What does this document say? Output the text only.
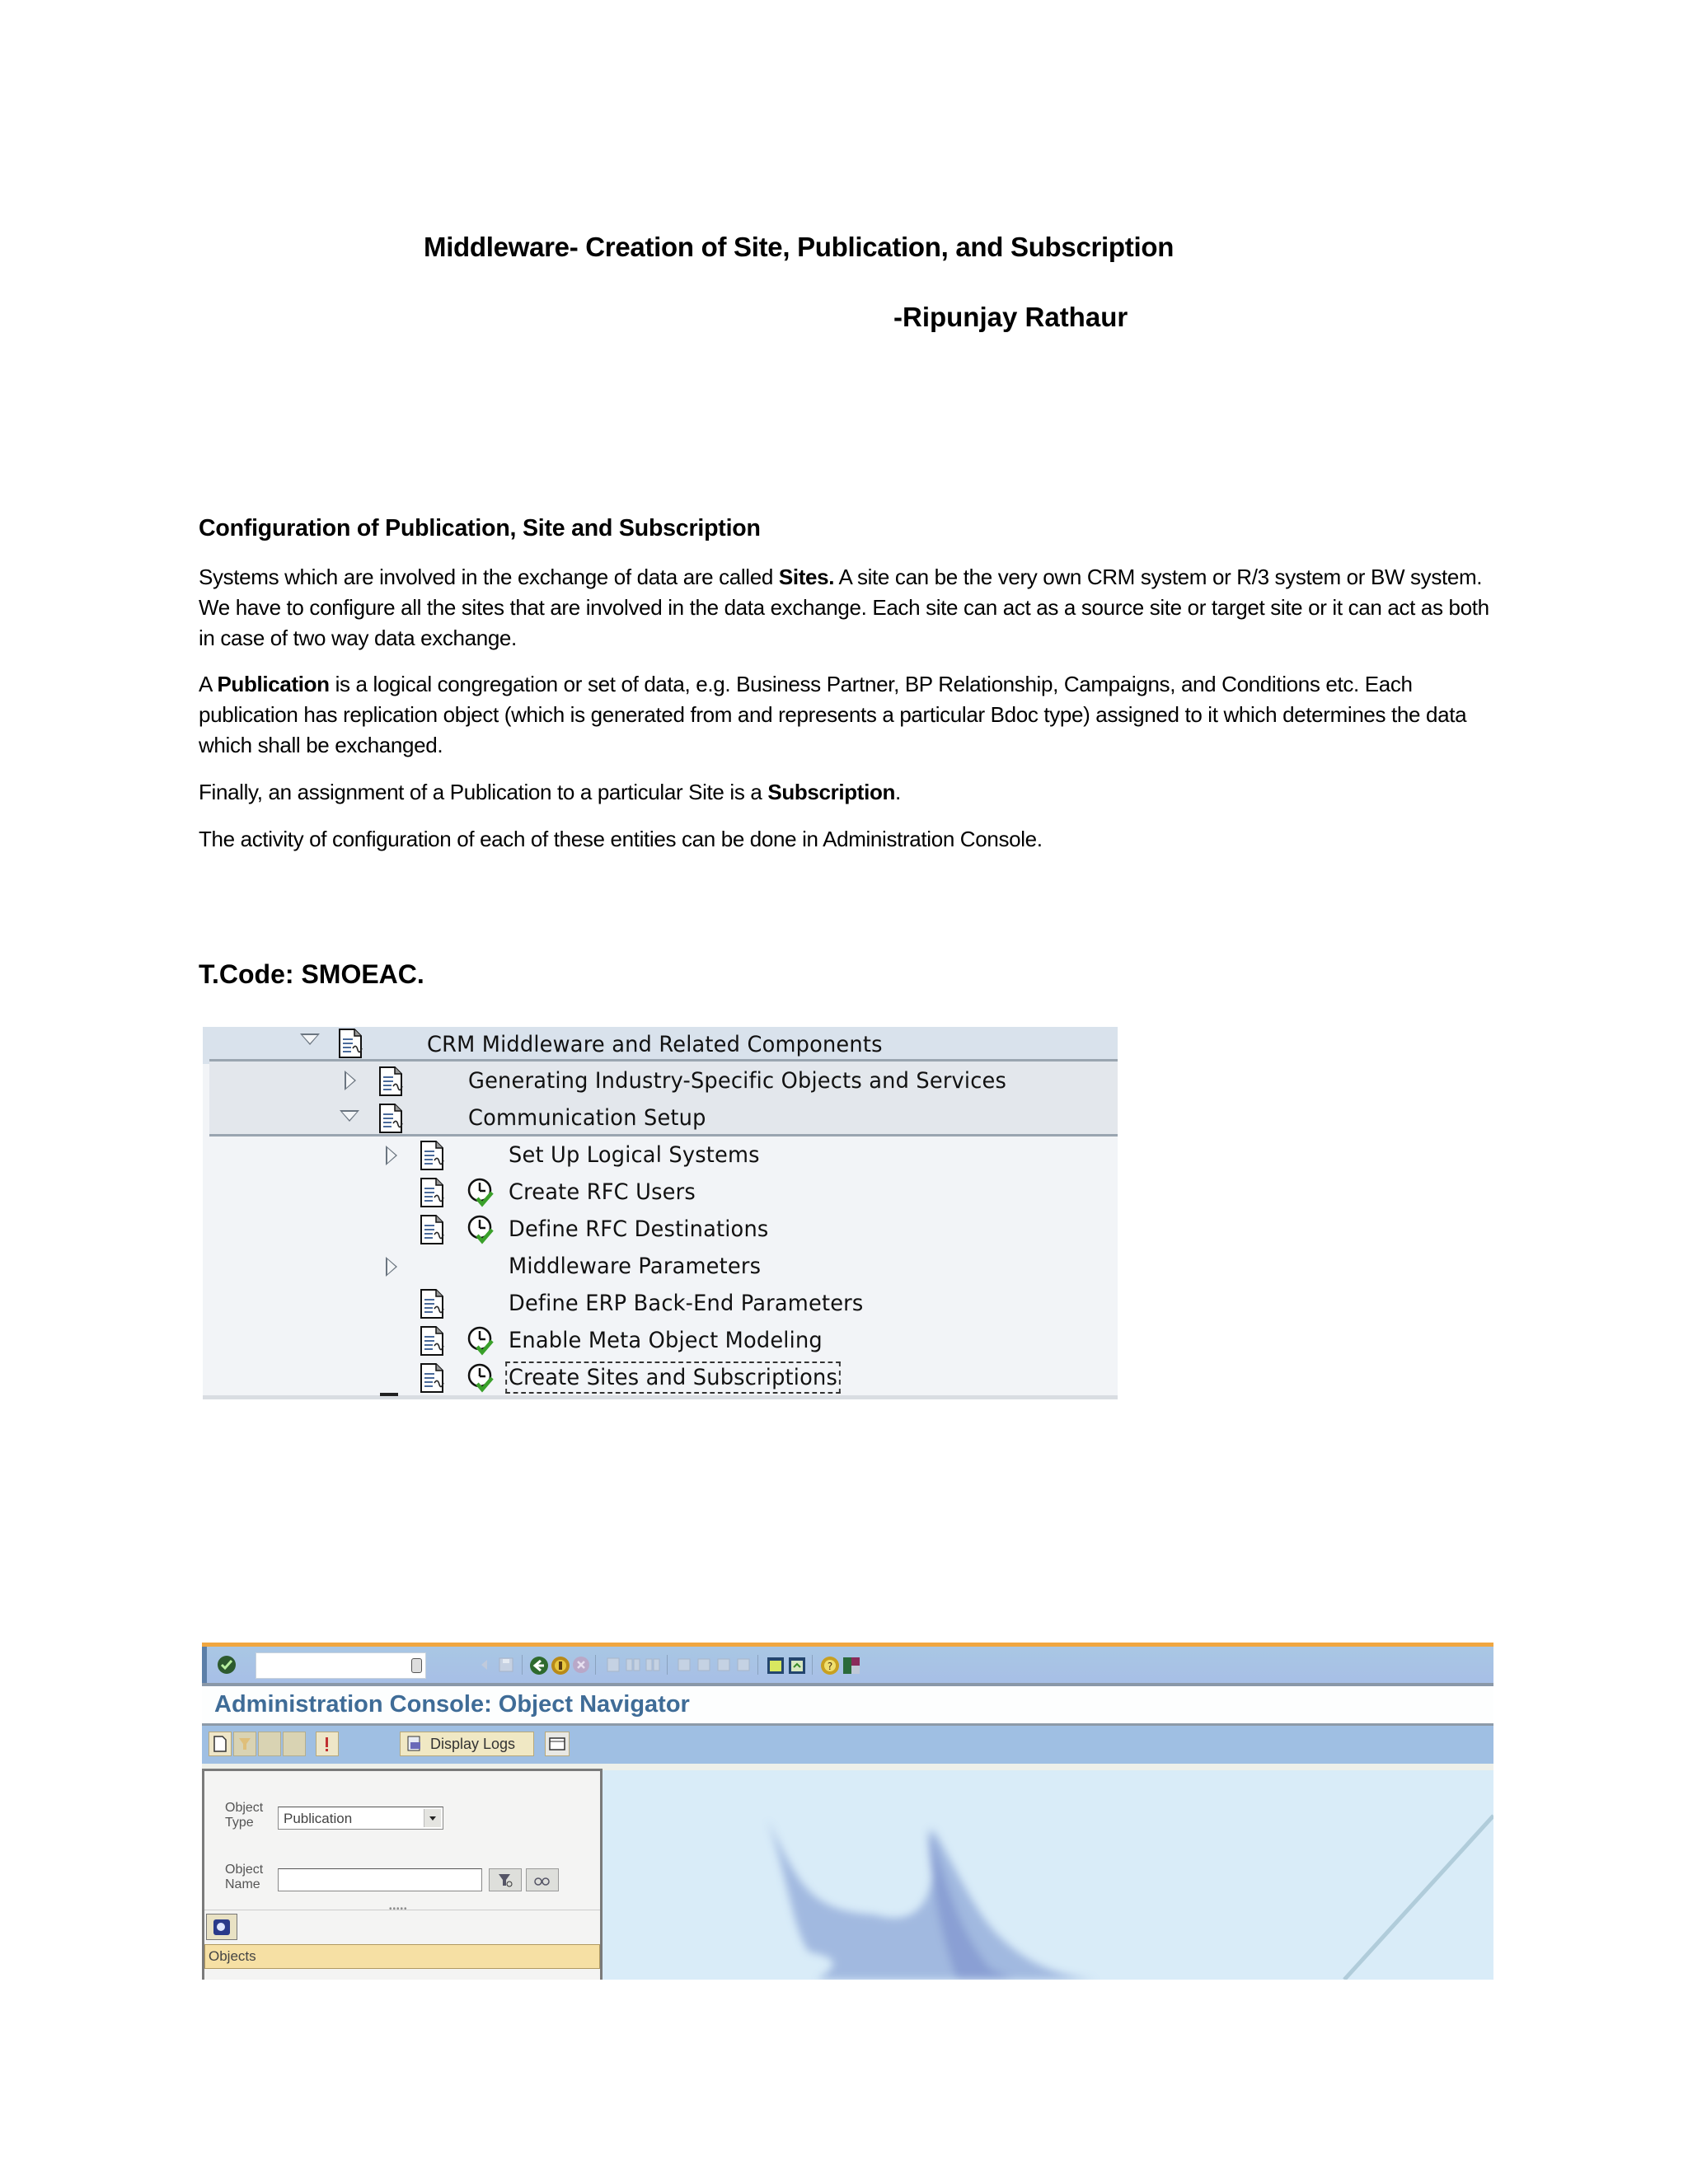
Middleware- Creation of Site, Publication, and Subscription
-Ripunjay Rathaur
Configuration of Publication, Site and Subscription
Systems which are involved in the exchange of data are called Sites. A site can be the very own CRM system or R/3 system or BW system. We have to configure all the sites that are involved in the data exchange. Each site can act as a source site or target site or it can act as both in case of two way data exchange.
A Publication is a logical congregation or set of data, e.g. Business Partner, BP Relationship, Campaigns, and Conditions etc. Each publication has replication object (which is generated from and represents a particular Bdoc type) assigned to it which determines the data which shall be exchanged.
Finally, an assignment of a Publication to a particular Site is a Subscription.
The activity of configuration of each of these entities can be done in Administration Console.
T.Code: SMOEAC.
CRM Middleware and Related Components
Generating Industry-Specific Objects and Services
Communication Setup
Set Up Logical Systems
Create RFC Users
Define RFC Destinations
Middleware Parameters
Define ERP Back-End Parameters
Enable Meta Object Modeling
Create Sites and Subscriptions
?
Administration Console: Object Navigator
Display Logs
Object
Type	Publication
Object
Name
Objects
